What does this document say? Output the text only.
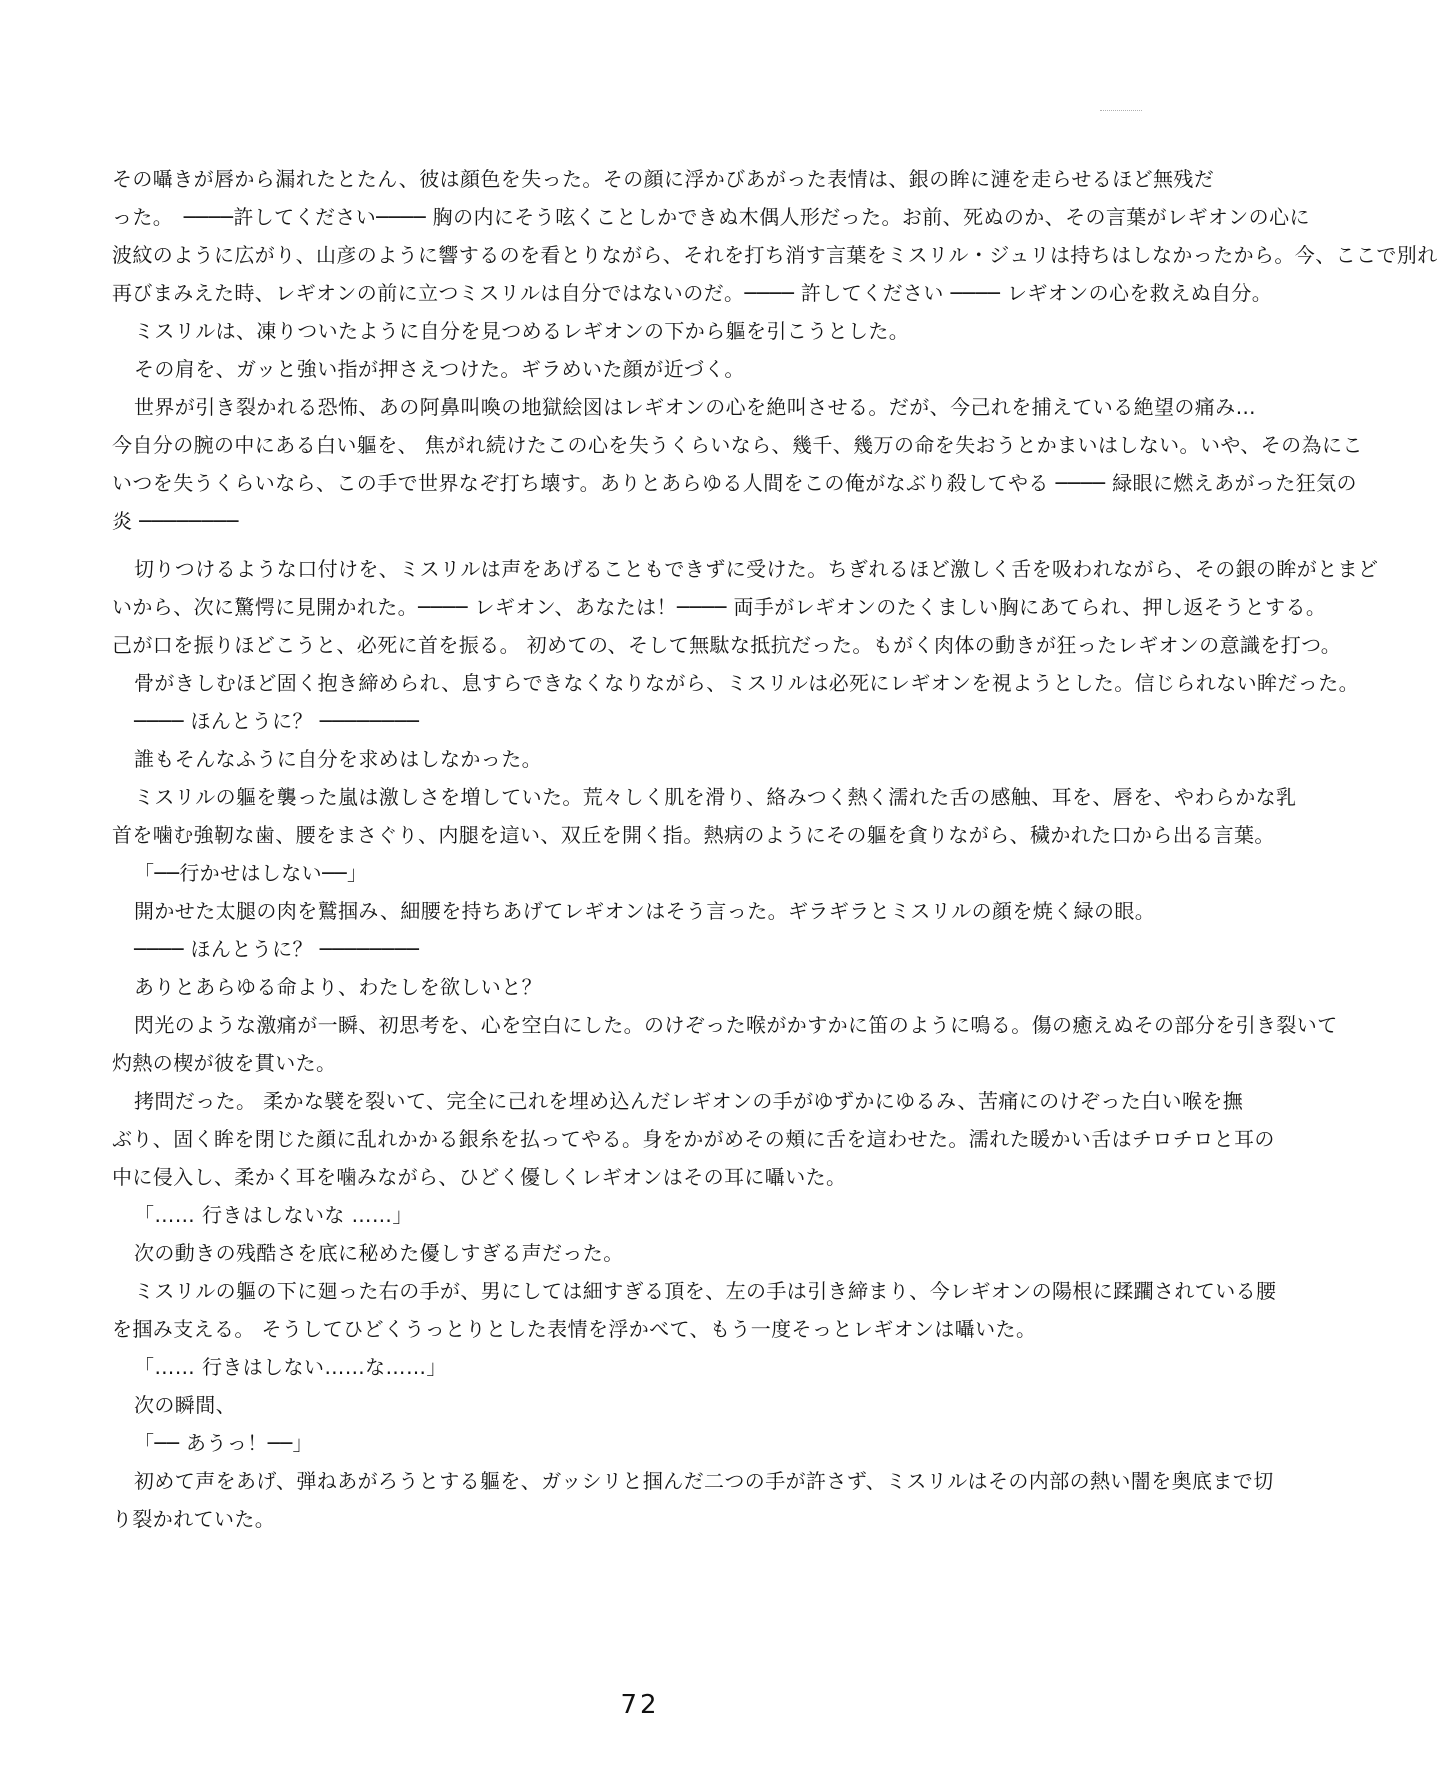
その囁きが唇から漏れたとたん、彼は顔色を失った。その顔に浮かびあがった表情は、銀の眸に漣を走らせるほど無残だ
った。　────許してください──── 胸の内にそう呟くことしかできぬ木偶人形だった。お前、死ぬのか、その言葉がレギオンの心に
波紋のように広がり、山彦のように響するのを看とりながら、それを打ち消す言葉をミスリル・ジュリは持ちはしなかったから。今、ここで別れ
再びまみえた時、レギオンの前に立つミスリルは自分ではないのだ。──── 許してください ──── レギオンの心を救えぬ自分。
ミスリルは、凍りついたように自分を見つめるレギオンの下から軀を引こうとした。
その肩を、ガッと強い指が押さえつけた。ギラめいた顔が近づく。
世界が引き裂かれる恐怖、あの阿鼻叫喚の地獄絵図はレギオンの心を絶叫させる。だが、今己れを捕えている絶望の痛み…
今自分の腕の中にある白い軀を、 焦がれ続けたこの心を失うくらいなら、幾千、幾万の命を失おうとかまいはしない。いや、その為にこ
いつを失うくらいなら、この手で世界なぞ打ち壊す。ありとあらゆる人間をこの俺がなぶり殺してやる ──── 緑眼に燃えあがった狂気の
炎 ────────
切りつけるような口付けを、ミスリルは声をあげることもできずに受けた。ちぎれるほど激しく舌を吸われながら、その銀の眸がとまど
いから、次に驚愕に見開かれた。──── レギオン、あなたは！──── 両手がレギオンのたくましい胸にあてられ、押し返そうとする。
己が口を振りほどこうと、必死に首を振る。 初めての、そして無駄な抵抗だった。もがく肉体の動きが狂ったレギオンの意識を打つ。
骨がきしむほど固く抱き締められ、息すらできなくなりながら、ミスリルは必死にレギオンを視ようとした。信じられない眸だった。
──── ほんとうに？ ────────
誰もそんなふうに自分を求めはしなかった。
ミスリルの軀を襲った嵐は激しさを増していた。荒々しく肌を滑り、絡みつく熱く濡れた舌の感触、耳を、唇を、やわらかな乳
首を噛む強靭な歯、腰をまさぐり、内腿を這い、双丘を開く指。熱病のようにその軀を貪りながら、穢かれた口から出る言葉。
「──行かせはしない──」
開かせた太腿の肉を鷲掴み、細腰を持ちあげてレギオンはそう言った。ギラギラとミスリルの顔を焼く緑の眼。
──── ほんとうに？ ────────
ありとあらゆる命より、わたしを欲しいと？
閃光のような激痛が一瞬、初思考を、心を空白にした。のけぞった喉がかすかに笛のように鳴る。傷の癒えぬその部分を引き裂いて
灼熱の楔が彼を貫いた。
拷問だった。 柔かな襞を裂いて、完全に己れを埋め込んだレギオンの手がゆずかにゆるみ、苦痛にのけぞった白い喉を撫
ぶり、固く眸を閉じた顔に乱れかかる銀糸を払ってやる。身をかがめその頬に舌を這わせた。濡れた暖かい舌はチロチロと耳の
中に侵入し、柔かく耳を噛みながら、ひどく優しくレギオンはその耳に囁いた。
「…… 行きはしないな ……」
次の動きの残酷さを底に秘めた優しすぎる声だった。
ミスリルの軀の下に廻った右の手が、男にしては細すぎる頂を、左の手は引き締まり、今レギオンの陽根に蹂躙されている腰
を掴み支える。 そうしてひどくうっとりとした表情を浮かべて、もう一度そっとレギオンは囁いた。
「…… 行きはしない……な……」
次の瞬間、
「── あうっ！──」
初めて声をあげ、弾ねあがろうとする軀を、ガッシリと掴んだ二つの手が許さず、ミスリルはその内部の熱い闇を奥底まで切
り裂かれていた。
72
